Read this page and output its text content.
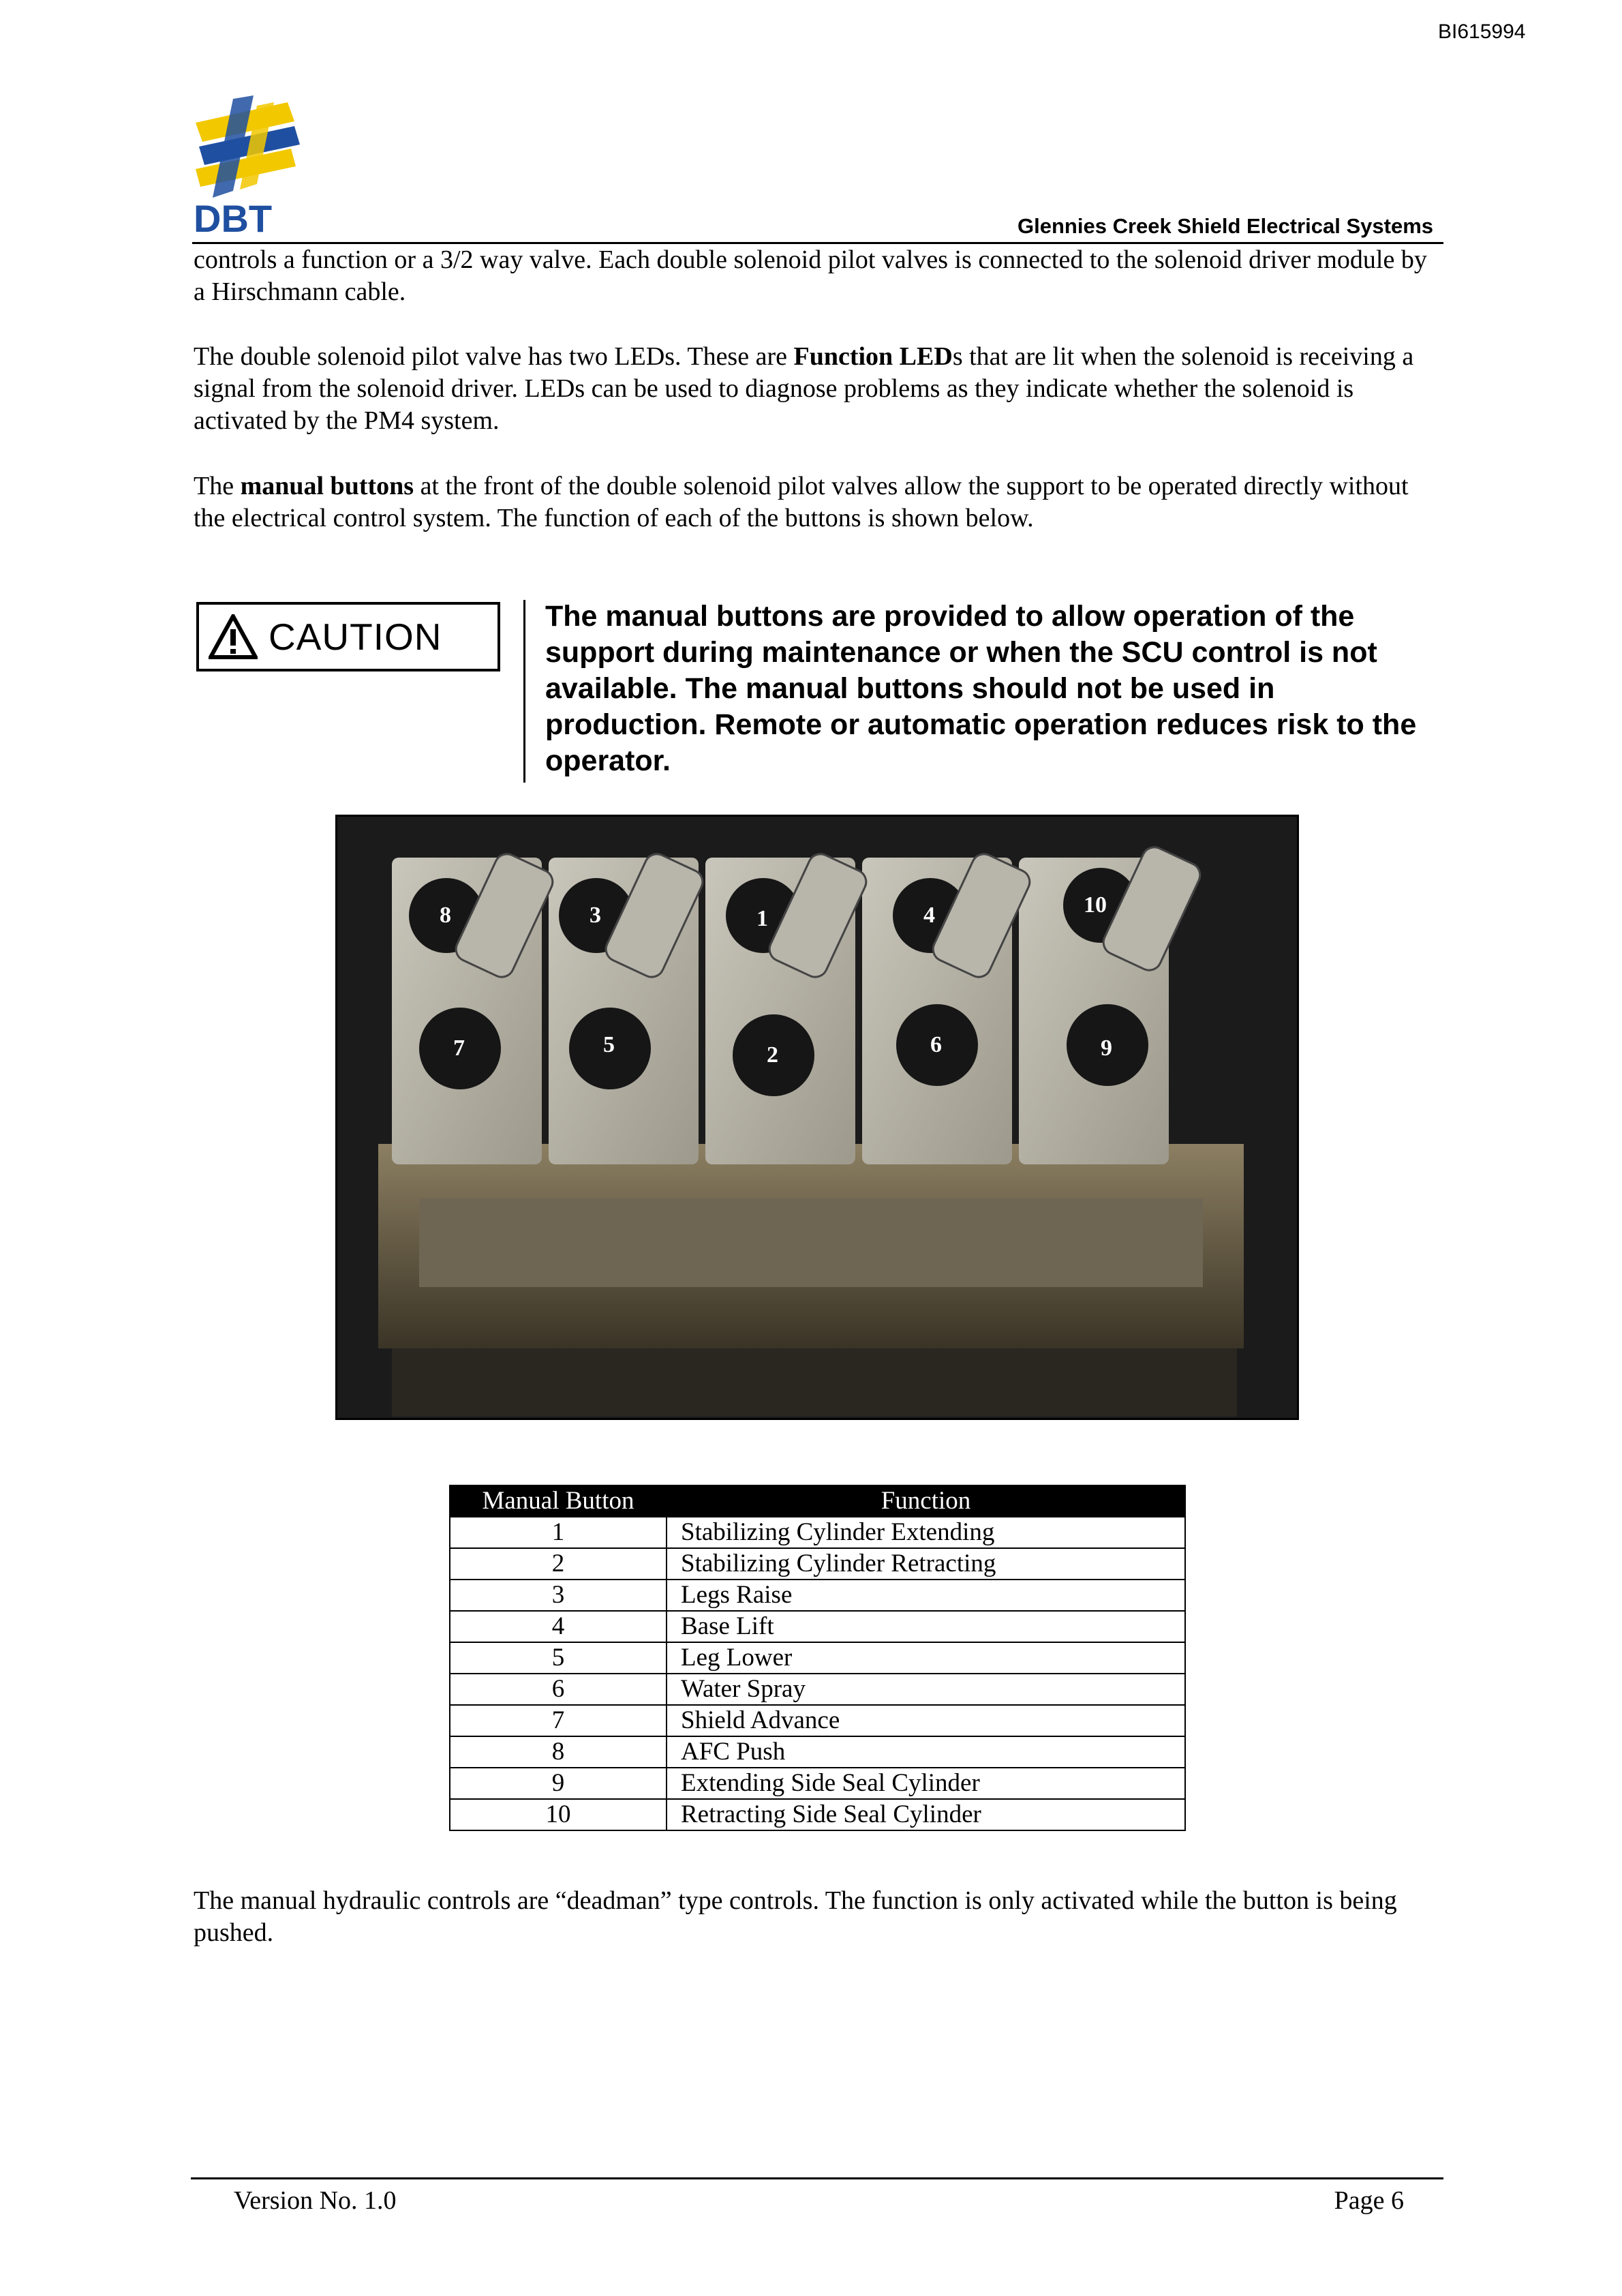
BI615994
DBT	Glennies Creek Shield Electrical Systems
controls a function or a 3/2 way valve. Each double solenoid pilot valves is connected to the solenoid driver module by a Hirschmann cable.
The double solenoid pilot valve has two LEDs. These are Function LEDs that are lit when the solenoid is receiving a signal from the solenoid driver. LEDs can be used to diagnose problems as they indicate whether the solenoid is activated by the PM4 system.
The manual buttons at the front of the double solenoid pilot valves allow the support to be operated directly without the electrical control system. The function of each of the buttons is shown below.
CAUTION	The manual buttons are provided to allow operation of the support during maintenance or when the SCU control is not available. The manual buttons should not be used in production. Remote or automatic operation reduces risk to the operator.
8	3	1	4	10
7	5	2	6	9
Manual Button	Function
1	Stabilizing Cylinder Extending
2	Stabilizing Cylinder Retracting
3	Legs Raise
4	Base Lift
5	Leg Lower
6	Water Spray
7	Shield Advance
8	AFC Push
9	Extending Side Seal Cylinder
10	Retracting Side Seal Cylinder
The manual hydraulic controls are “deadman” type controls. The function is only activated while the button is being pushed.
Version No. 1.0	Page 6
